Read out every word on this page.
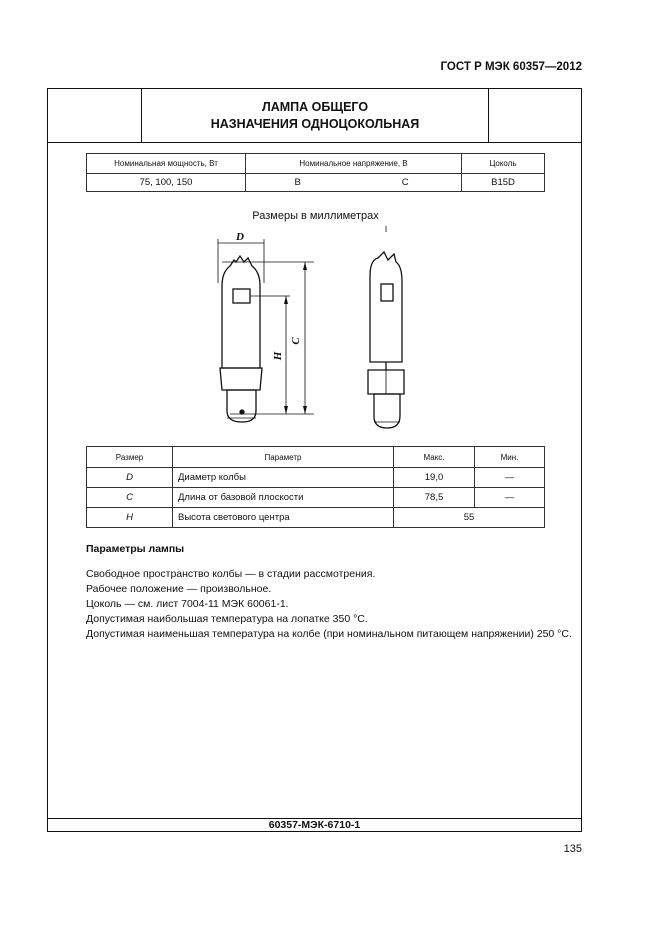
ГОСТ Р МЭК 60357—2012
ЛАМПА ОБЩЕГО
НАЗНАЧЕНИЯ ОДНОЦОКОЛЬНАЯ
Номинальная мощность, Вт	Номинальное напряжение, В		Цоколь
75, 100, 150	B	C	B15D
Размеры в миллиметрах
Размер	Параметр	Макс.	Мин.
D	Диаметр колбы	19,0	—
C	Длина от базовой плоскости	78,5	—
H	Высота светового центра	55	
Параметры лампы
Свободное пространство колбы — в стадии рассмотрения.
Рабочее положение — произвольное.
Цоколь — см. лист 7004-11 МЭК 60061-1.
Допустимая наибольшая температура на лопатке 350 °С.
Допустимая наименьшая температура на колбе (при номинальном питающем напряжении) 250 °С.
60357-МЭК-6710-1
D
C
H
135
